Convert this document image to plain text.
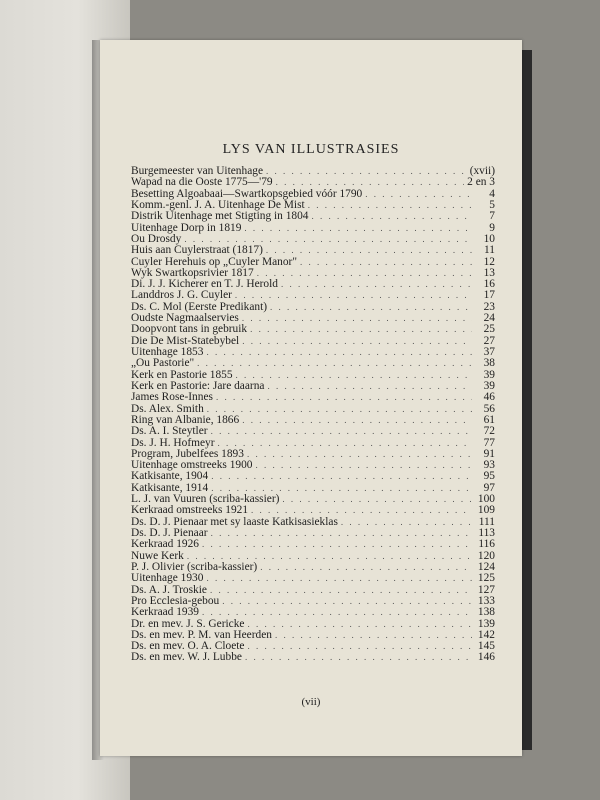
LYS VAN ILLUSTRASIES
Burgemeester van Uitenhage . . .	(xvii)
Wapad na die Ooste 1775—'79 . . .	2 en 3
Besetting Algoabaai—Swartkopsgebied vóór 1790 . . .	4
Komm.-genl. J. A. Uitenhage De Mist . . .	5
Distrik Uitenhage met Stigting in 1804 . . .	7
Uitenhage Dorp in 1819 . . .	9
Ou Drosdy . . .	10
Huis aan Cuylerstraat (1817) . . .	11
Cuyler Herehuis op „Cuyler Manor" . . .	12
Wyk Swartkopsrivier 1817 . . .	13
Di. J. J. Kicherer en T. J. Herold . . .	16
Landdros J. G. Cuyler . . .	17
Ds. C. Mol (Eerste Predikant) . . .	23
Oudste Nagmaalservies . . .	24
Doopvont tans in gebruik . . .	25
Die De Mist-Statebybel . . .	27
Uitenhage 1853 . . .	37
„Ou Pastorie" . . .	38
Kerk en Pastorie 1855 . . .	39
Kerk en Pastorie: Jare daarna . . .	39
James Rose-Innes . . .	46
Ds. Alex. Smith . . .	56
Ring van Albanie, 1866 . . .	61
Ds. A. I. Steytler . . .	72
Ds. J. H. Hofmeyr . . .	77
Program, Jubelfees 1893 . . .	91
Uitenhage omstreeks 1900 . . .	93
Katkisante, 1904 . . .	95
Katkisante, 1914 . . .	97
L. J. van Vuuren (scriba-kassier) . . .	100
Kerkraad omstreeks 1921 . . .	109
Ds. D. J. Pienaar met sy laaste Katkisasieklas . . .	111
Ds. D. J. Pienaar . . .	113
Kerkraad 1926 . . .	116
Nuwe Kerk . . .	120
P. J. Olivier (scriba-kassier) . . .	124
Uitenhage 1930 . . .	125
Ds. A. J. Troskie . . .	127
Pro Ecclesia-gebou . . .	133
Kerkraad 1939 . . .	138
Dr. en mev. J. S. Gericke . . .	139
Ds. en mev. P. M. van Heerden . . .	142
Ds. en mev. O. A. Cloete . . .	145
Ds. en mev. W. J. Lubbe . . .	146
(vii)
